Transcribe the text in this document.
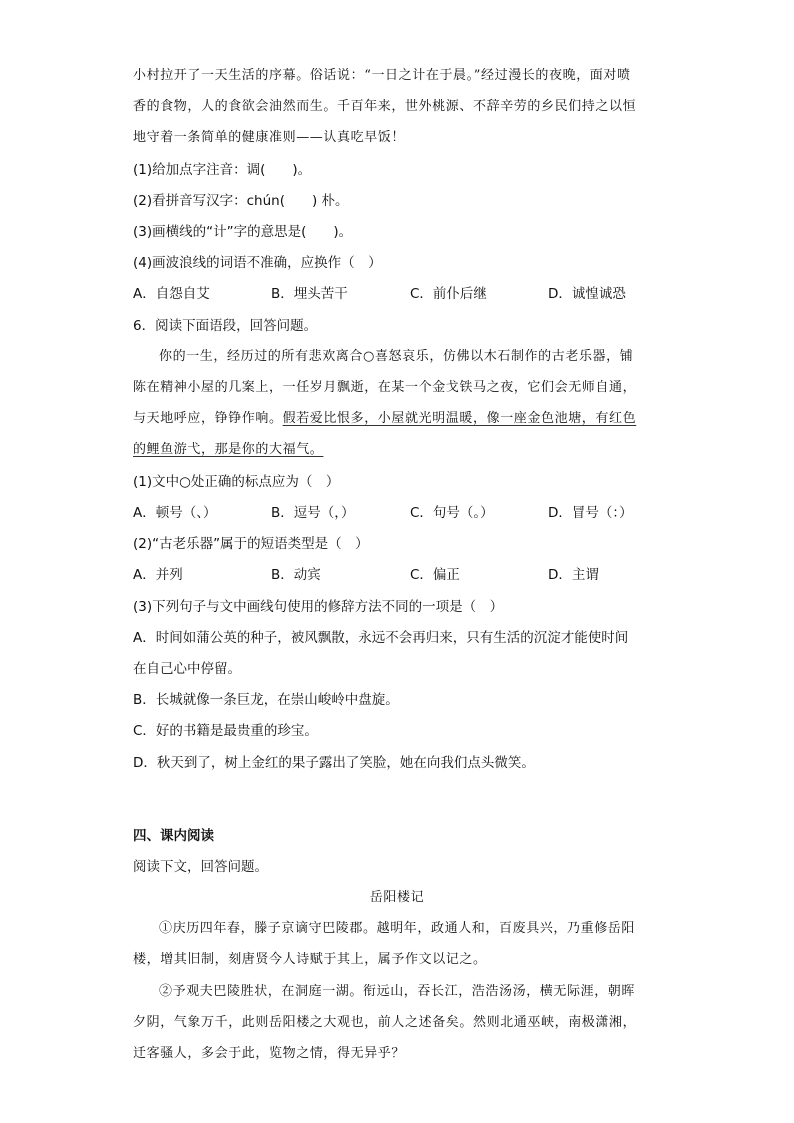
小村拉开了一天生活的序幕。俗话说：“一日之计在于晨。”经过漫长的夜晚，面对喷
香的食物，人的食欲会油然而生。千百年来，世外桃源、不辞辛劳的乡民们持之以恒
地守着一条简单的健康准则——认真吃早饭！
(1)给加点字注音：调(　　)。
(2)看拼音写汉字：chún(　　) 朴。
(3)画横线的“计”字的意思是(　　)。
(4)画波浪线的词语不准确，应换作（　）
A．自怨自艾	B．埋头苦干	C．前仆后继	D．诚惶诚恐
6．阅读下面语段，回答问题。
你的一生，经历过的所有悲欢离合○喜怒哀乐，仿佛以木石制作的古老乐器，铺
陈在精神小屋的几案上，一任岁月飘逝，在某一个金戈铁马之夜，它们会无师自通，
与天地呼应，铮铮作响。假若爱比恨多，小屋就光明温暖，像一座金色池塘，有红色
的鲤鱼游弋，那是你的大福气。
(1)文中○处正确的标点应为（　）
A．顿号（、）	B．逗号（，）	C．句号（。）	D．冒号（：）
(2)“古老乐器”属于的短语类型是（　）
A．并列	B．动宾	C．偏正	D．主谓
(3)下列句子与文中画线句使用的修辞方法不同的一项是（　）
A．时间如蒲公英的种子，被风飘散，永远不会再归来，只有生活的沉淀才能使时间
在自己心中停留。
B．长城就像一条巨龙，在崇山峻岭中盘旋。
C．好的书籍是最贵重的珍宝。
D．秋天到了，树上金红的果子露出了笑脸，她在向我们点头微笑。
四、课内阅读
阅读下文，回答问题。
岳阳楼记
①庆历四年春，滕子京谪守巴陵郡。越明年，政通人和，百废具兴，乃重修岳阳
楼，增其旧制，刻唐贤今人诗赋于其上，属予作文以记之。
②予观夫巴陵胜状，在洞庭一湖。衔远山，吞长江，浩浩汤汤，横无际涯，朝晖
夕阴，气象万千，此则岳阳楼之大观也，前人之述备矣。然则北通巫峡，南极潇湘，
迁客骚人，多会于此，览物之情，得无异乎？
